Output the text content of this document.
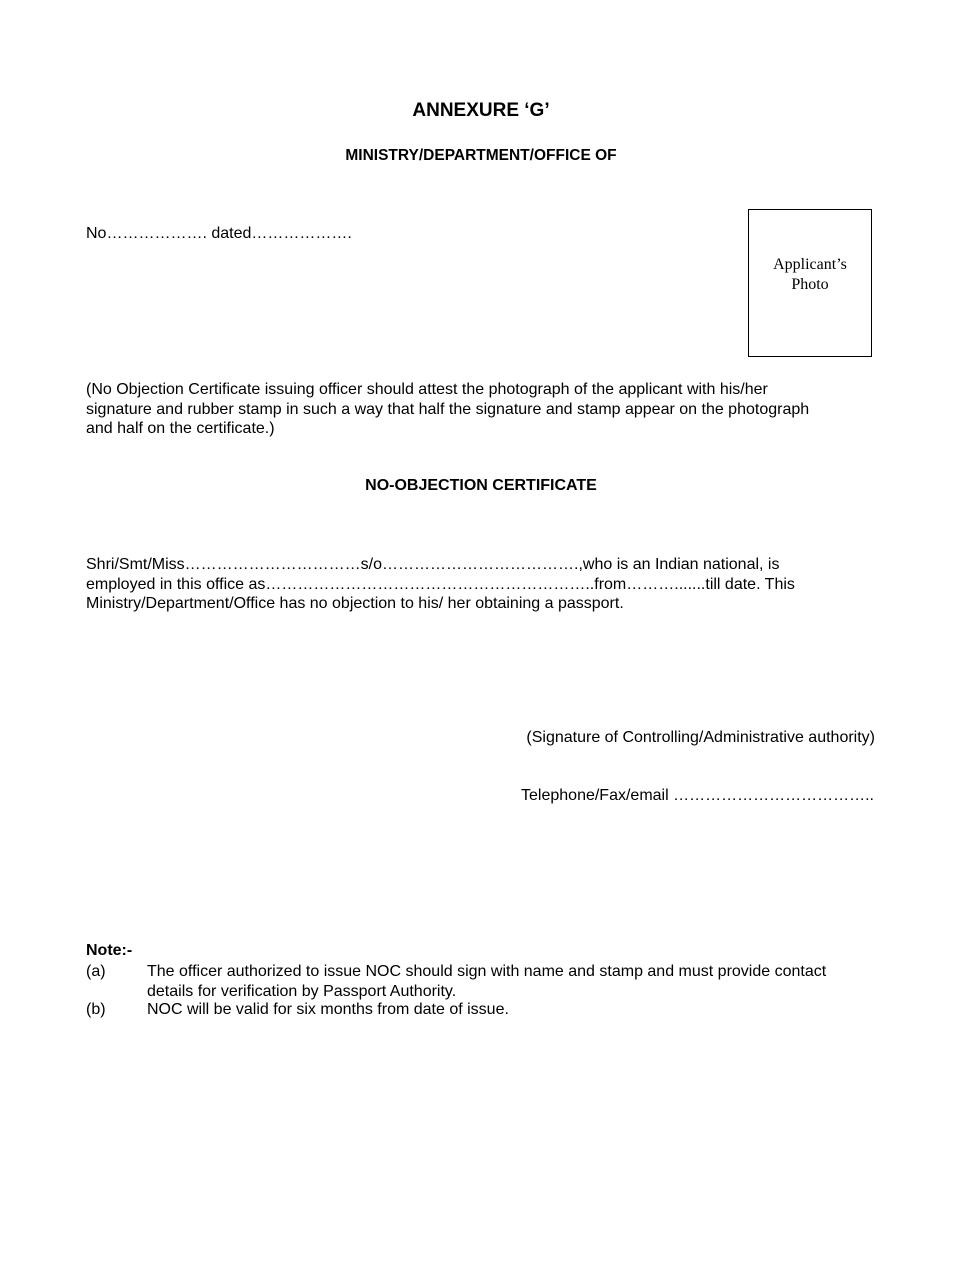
ANNEXURE ‘G’
MINISTRY/DEPARTMENT/OFFICE OF
No………………. dated……………….
Applicant’s
Photo
(No Objection Certificate issuing officer should attest the photograph of the applicant with his/her
signature and rubber stamp in such a way that half the signature and stamp appear on the photograph
and half on the certificate.)
NO-OBJECTION CERTIFICATE
Shri/Smt/Miss……………………………s/o……………………………….,who is an Indian national, is
employed in this office as……………………………………………………..from……….......till date. This
Ministry/Department/Office has no objection to his/ her obtaining a passport.
(Signature of Controlling/Administrative authority)
Telephone/Fax/email ………………………………..
Note:-
(a)	The officer authorized to issue NOC should sign with name and stamp and must provide contact
details for verification by Passport Authority.
(b)	NOC will be valid for six months from date of issue.
